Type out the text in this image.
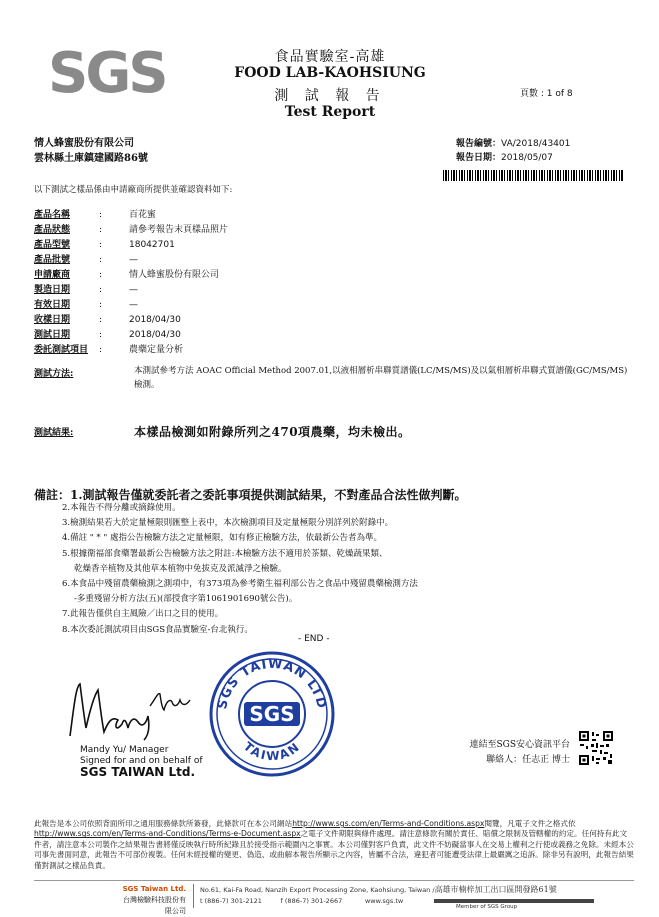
SGS	食品實驗室-高雄
FOOD LAB-KAOHSIUNG
測 試 報 告
Test Report
頁數 : 1 of 8
情人蜂蜜股份有限公司
雲林縣土庫鎮建國路86號
報告編號：VA/2018/43401
報告日期：2018/05/07
以下測試之樣品係由申請廠商所提供並確認資料如下:
產品名稱	:	百花蜜
產品狀態	:	請參考報告末頁樣品照片
產品型號	:	18042701
產品批號	:	—
申請廠商	:	情人蜂蜜股份有限公司
製造日期	:	—
有效日期	:	—
收樣日期	:	2018/04/30
測試日期	:	2018/04/30
委託測試項目 :	農藥定量分析
測試方法:	本測試參考方法 AOAC Official Method 2007.01,以液相層析串聯質譜儀(LC/MS/MS)及以氣相層析串聯式質譜儀(GC/MS/MS)檢測。
測試結果:	本樣品檢測如附錄所列之470項農藥，均未檢出。
備註：1.測試報告僅就委託者之委託事項提供測試結果，不對產品合法性做判斷。
2.本報告不得分離或摘錄使用。
3.檢測結果若大於定量極限則匯整上表中，本次檢測項目及定量極限分別詳列於附錄中。
4.備註 " * " 處指公告檢驗方法之定量極限，如有修正檢驗方法，依最新公告者為準。
5.根據衛福部食藥署最新公告檢驗方法之附註:本檢驗方法不適用於茶類、乾燥蔬果類、
乾燥香辛植物及其他草本植物中免拔克及派滅淨之檢驗。
6.本食品中殘留農藥檢測之測項中，有373項為參考衛生福利部公告之食品中殘留農藥檢測方法
-多重殘留分析方法(五)(部授食字第1061901690號公告)。
7.此報告僅供自主風險／出口之目的使用。
8.本次委託測試項目由SGS食品實驗室-台北執行。
- END -
SGS TAIWAN LTD
SGS
TAIWAN
Mandy Yu/ Manager
Signed for and on behalf of
SGS TAIWAN Ltd.
連結至SGS安心資訊平台
聯絡人：任志正 博士
此報告是本公司依照背面所印之通用服務條款所簽發，此條款可在本公司網站http://www.sgs.com/en/Terms-and-Conditions.aspx閱覽，凡電子文件之格式依http://www.sgs.com/en/Terms-and-Conditions/Terms-e-Document.aspx之電子文件期限與條件處理。請注意條款有關於責任、賠償之限制及管轄權的約定。任何持有此文件者，請注意本公司製作之結果報告書將僅反映執行時所紀錄且於接受指示範圍內之事實。本公司僅對客戶負責，此文件不妨礙當事人在交易上權利之行使或義務之免除。未經本公司事先書面同意，此報告不可部份複製。任何未經授權的變更、偽造、或曲解本報告所顯示之內容，皆屬不合法，違犯者可能遭受法律上最嚴厲之追訴。除非另有說明，此報告結果僅對測試之樣品負責。
SGS Taiwan Ltd.
台灣檢驗科技股份有限公司
No.61, Kai-Fa Road, Nanzih Export Processing Zone, Kaohsiung, Taiwan /高雄市楠梓加工出口區開發路61號
t (886-7) 301-2121	f (886-7) 301-2667	www.sgs.tw
Member of SGS Group
